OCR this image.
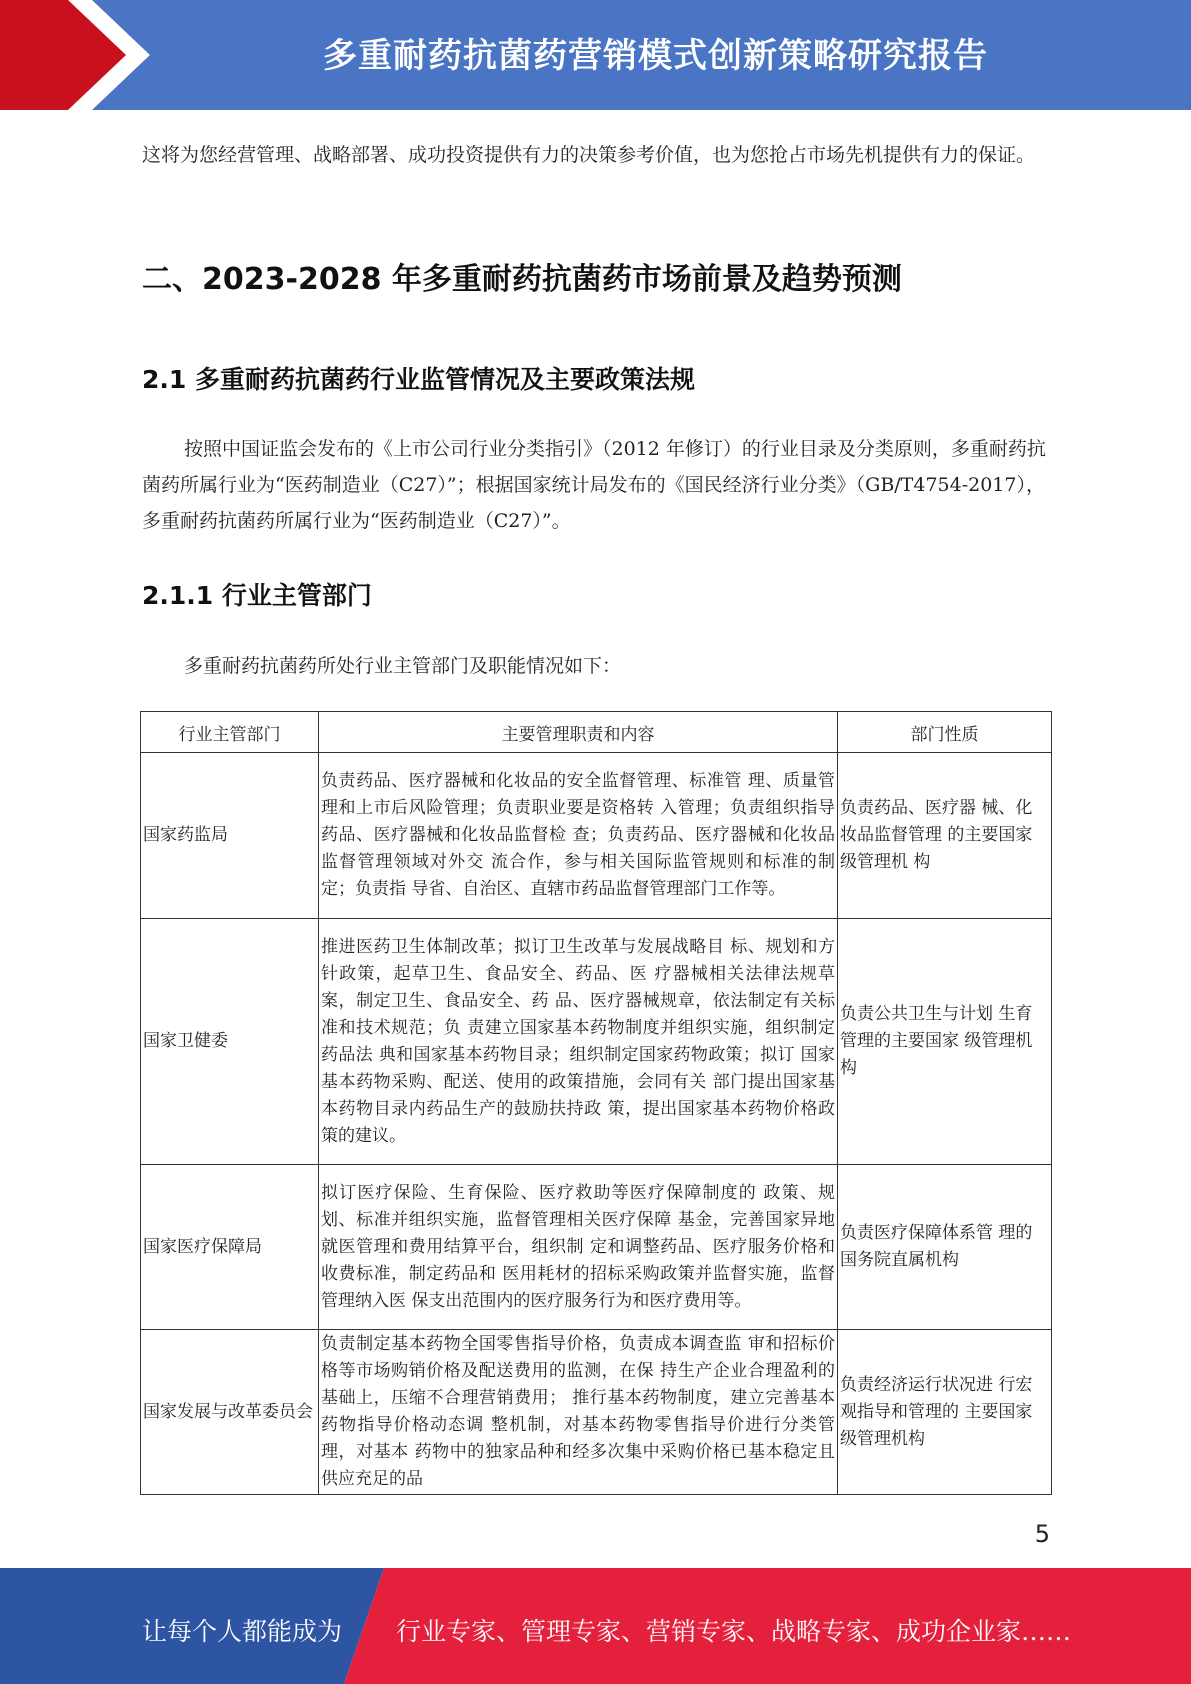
多重耐药抗菌药营销模式创新策略研究报告
这将为您经营管理、战略部署、成功投资提供有力的决策参考价值，也为您抢占市场先机提供有力的保证。
二、2023-2028 年多重耐药抗菌药市场前景及趋势预测
2.1 多重耐药抗菌药行业监管情况及主要政策法规
按照中国证监会发布的《上市公司行业分类指引》（2012 年修订）的行业目录及分类原则，多重耐药抗菌药所属行业为“医药制造业（C27）”；根据国家统计局发布的《国民经济行业分类》（GB/T4754-2017），多重耐药抗菌药所属行业为“医药制造业（C27）”。
2.1.1 行业主管部门
多重耐药抗菌药所处行业主管部门及职能情况如下：
行业主管部门	主要管理职责和内容	部门性质
国家药监局	负责药品、医疗器械和化妆品的安全监督管理、标准管 理、质量管理和上市后风险管理；负责职业要是资格转 入管理；负责组织指导药品、医疗器械和化妆品监督检 查；负责药品、医疗器械和化妆品监督管理领域对外交 流合作，参与相关国际监管规则和标准的制定；负责指 导省、自治区、直辖市药品监督管理部门工作等。	负责药品、医疗器 械、化妆品监督管理 的主要国家级管理机 构
国家卫健委	推进医药卫生体制改革；拟订卫生改革与发展战略目 标、规划和方针政策，起草卫生、食品安全、药品、医 疗器械相关法律法规草案，制定卫生、食品安全、药 品、医疗器械规章，依法制定有关标准和技术规范；负 责建立国家基本药物制度并组织实施，组织制定药品法 典和国家基本药物目录；组织制定国家药物政策；拟订 国家基本药物采购、配送、使用的政策措施，会同有关 部门提出国家基本药物目录内药品生产的鼓励扶持政 策，提出国家基本药物价格政策的建议。	负责公共卫生与计划 生育管理的主要国家 级管理机构
国家医疗保障局	拟订医疗保险、生育保险、医疗救助等医疗保障制度的 政策、规划、标准并组织实施，监督管理相关医疗保障 基金，完善国家异地就医管理和费用结算平台，组织制 定和调整药品、医疗服务价格和收费标准，制定药品和 医用耗材的招标采购政策并监督实施，监督管理纳入医 保支出范围内的医疗服务行为和医疗费用等。	负责医疗保障体系管 理的国务院直属机构
国家发展与改革委员会	负责制定基本药物全国零售指导价格，负责成本调查监 审和招标价格等市场购销价格及配送费用的监测，在保 持生产企业合理盈利的基础上，压缩不合理营销费用； 推行基本药物制度，建立完善基本药物指导价格动态调 整机制，对基本药物零售指导价进行分类管理，对基本 药物中的独家品种和经多次集中采购价格已基本稳定且 供应充足的品	负责经济运行状况进 行宏观指导和管理的 主要国家级管理机构
5
让每个人都能成为 行业专家、管理专家、营销专家、战略专家、成功企业家……
